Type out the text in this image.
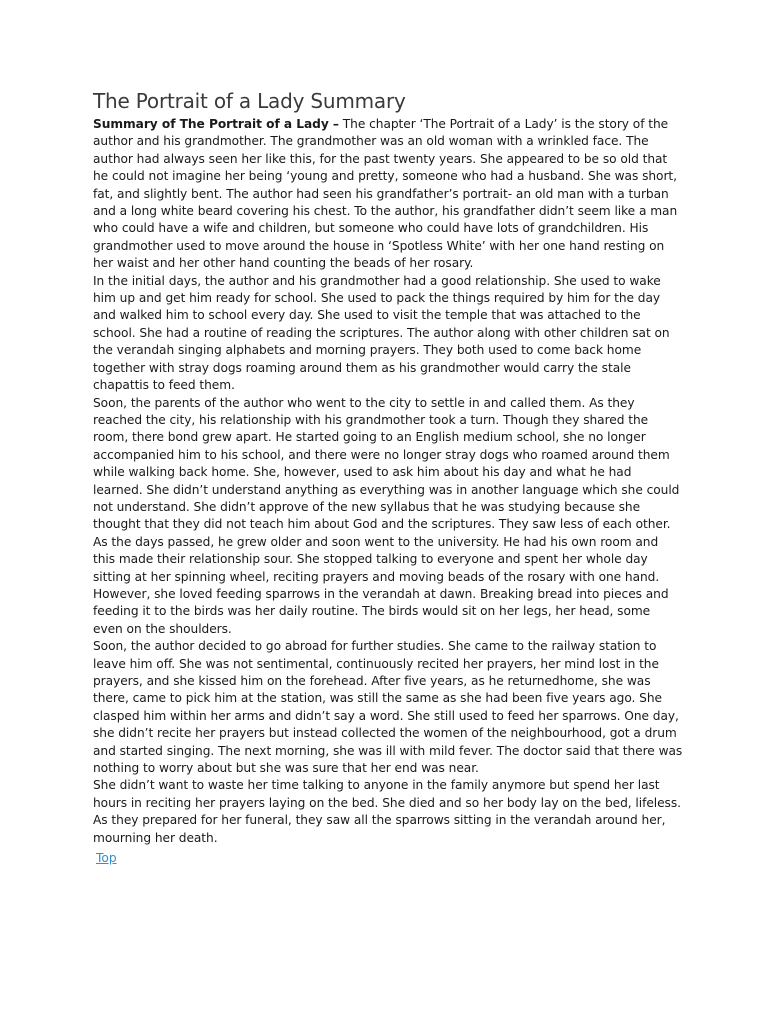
The Portrait of a Lady Summary

Summary of The Portrait of a Lady – The chapter ‘The Portrait of a Lady’ is the story of the author and his grandmother. The grandmother was an old woman with a wrinkled face. The author had always seen her like this, for the past twenty years. She appeared to be so old that he could not imagine her being ‘young and pretty, someone who had a husband. She was short, fat, and slightly bent. The author had seen his grandfather’s portrait- an old man with a turban and a long white beard covering his chest. To the author, his grandfather didn’t seem like a man who could have a wife and children, but someone who could have lots of grandchildren. His grandmother used to move around the house in ‘Spotless White’ with her one hand resting on her waist and her other hand counting the beads of her rosary.

In the initial days, the author and his grandmother had a good relationship. She used to wake him up and get him ready for school. She used to pack the things required by him for the day and walked him to school every day. She used to visit the temple that was attached to the school. She had a routine of reading the scriptures. The author along with other children sat on the verandah singing alphabets and morning prayers. They both used to come back home together with stray dogs roaming around them as his grandmother would carry the stale chapattis to feed them.

Soon, the parents of the author who went to the city to settle in and called them. As they reached the city, his relationship with his grandmother took a turn. Though they shared the room, there bond grew apart. He started going to an English medium school, she no longer accompanied him to his school, and there were no longer stray dogs who roamed around them while walking back home. She, however, used to ask him about his day and what he had learned. She didn’t understand anything as everything was in another language which she could not understand. She didn’t approve of the new syllabus that he was studying because she thought that they did not teach him about God and the scriptures. They saw less of each other.

As the days passed, he grew older and soon went to the university. He had his own room and this made their relationship sour. She stopped talking to everyone and spent her whole day sitting at her spinning wheel, reciting prayers and moving beads of the rosary with one hand. However, she loved feeding sparrows in the verandah at dawn. Breaking bread into pieces and feeding it to the birds was her daily routine. The birds would sit on her legs, her head, some even on the shoulders.

Soon, the author decided to go abroad for further studies. She came to the railway station to leave him off. She was not sentimental, continuously recited her prayers, her mind lost in the prayers, and she kissed him on the forehead. After five years, as he returnedhome, she was there, came to pick him at the station, was still the same as she had been five years ago. She clasped him within her arms and didn’t say a word. She still used to feed her sparrows. One day, she didn’t recite her prayers but instead collected the women of the neighbourhood, got a drum and started singing. The next morning, she was ill with mild fever. The doctor said that there was nothing to worry about but she was sure that her end was near.

She didn’t want to waste her time talking to anyone in the family anymore but spend her last hours in reciting her prayers laying on the bed. She died and so her body lay on the bed, lifeless. As they prepared for her funeral, they saw all the sparrows sitting in the verandah around her, mourning her death.

Top
